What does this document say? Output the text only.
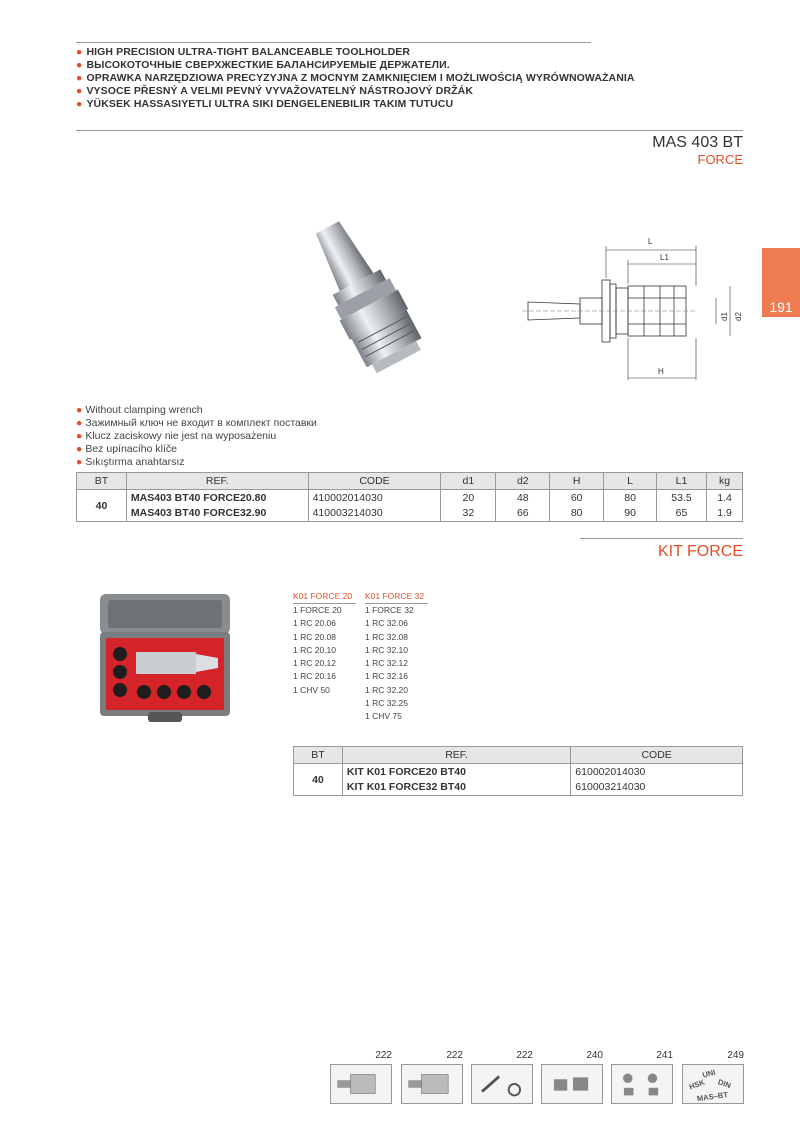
● HIGH PRECISION ULTRA-TIGHT BALANCEABLE TOOLHOLDER
● ВЫСОКОТОЧНЫЕ СВЕРХЖЕСТКИЕ БАЛАНСИРУЕМЫЕ ДЕРЖАТЕЛИ.
● OPRAWKA NARZĘDZIOWA PRECYZYJNA Z MOCNYM ZAMKNIĘCIEM I MOŻLIWOŚCIĄ WYRÓWNOWAŻANIA
● VYSOCE PŘESNÝ A VELMI PEVNÝ VYVAŽOVATELNÝ NÁSTROJOVÝ DRŽÁK
● YÜKSEK HASSASIYETLI ULTRA SIKI DENGELENEBILIR TAKIM TUTUCU
MAS 403 BT
FORCE
191
L
L1
H
d1 d2
● Without clamping wrench
● Зажимный ключ не входит в комплект поставки
● Klucz zaciskowy nie jest na wyposażeniu
● Bez upínacího klíče
● Sıkıştırma anahtarsız
BT	REF.	CODE	d1	d2	H	L	L1	kg
40	MAS403 BT40 FORCE20.80	410002014030	20	48	60	80	53.5	1.4
	MAS403 BT40 FORCE32.90	410003214030	32	66	80	90	65	1.9
KIT FORCE
K01 FORCE 20
1 FORCE 20
1 RC 20.06
1 RC 20.08
1 RC 20.10
1 RC 20.12
1 RC 20.16
1 CHV 50
K01 FORCE 32
1 FORCE 32
1 RC 32.06
1 RC 32.08
1 RC 32.10
1 RC 32.12
1 RC 32.16
1 RC 32.20
1 RC 32.25
1 CHV 75
BT	REF.	CODE
40	KIT K01 FORCE20 BT40	610002014030
	KIT K01 FORCE32 BT40	610003214030
222	222	222	240	241	249
UNI
HSK DIN
MAS–BT
